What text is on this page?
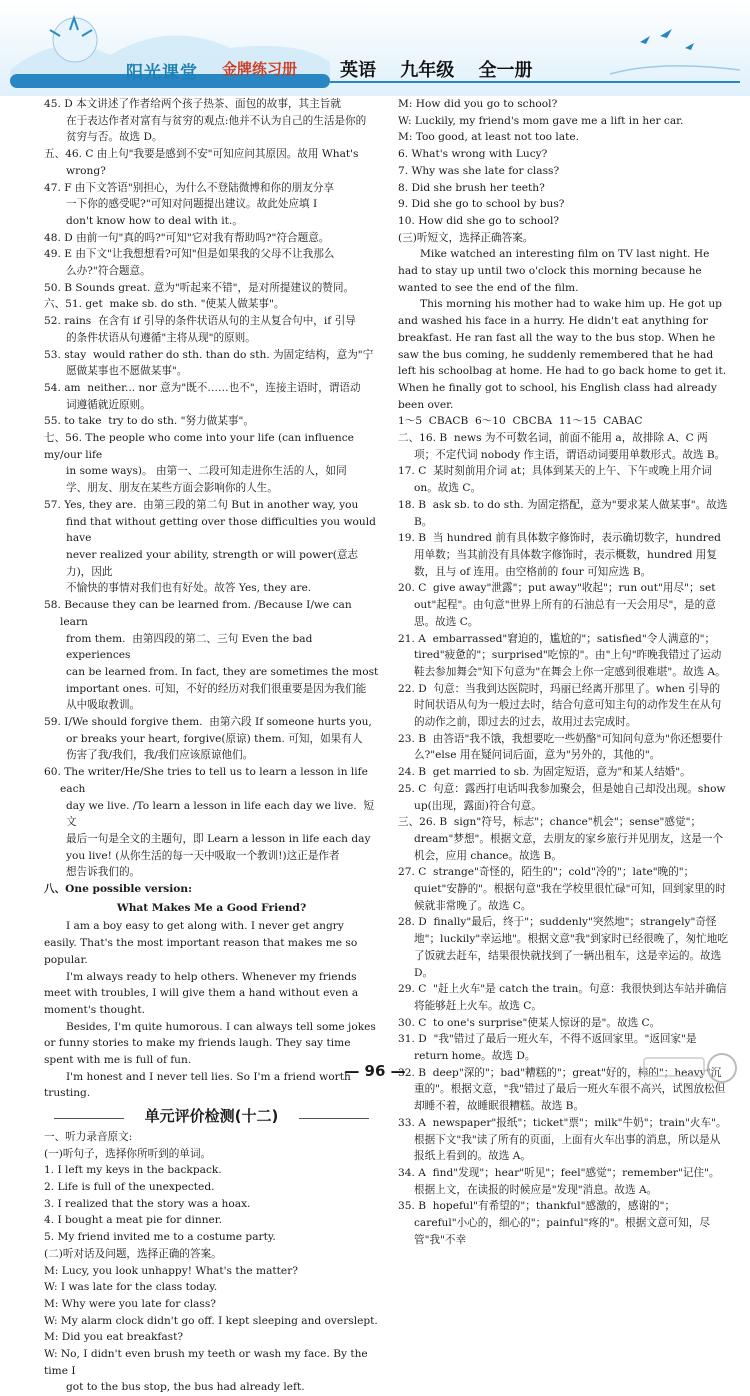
阳光课堂 金牌练习册 英语 九年级 全一册

45. D 本文讲述了作者给两个孩子热茶、面包的故事，其主旨就

在于表达作者对富有与贫穷的观点:他并不认为自己的生活是你的

贫穷与否。故选 D。

五、46. C 由上句"我要是感到不安"可知应问其原因。故用 What's

wrong?

47. F 由下文答语"别担心，为什么不登陆微博和你的朋友分享

一下你的感受呢?"可知对问题提出建议。故此处应填 I

don't know how to deal with it.。

48. D 由前一句"真的吗?"可知"它对我有帮助吗?"符合题意。

49. E 由下文"让我想想看?可知"但是如果我的父母不让我那么

么办?"符合题意。

50. B Sounds great. 意为"听起来不错"，是对所提建议的赞同。

六、51. get  make sb. do sth. "使某人做某事"。

52. rains  在含有 if 引导的条件状语从句的主从复合句中，if 引导

的条件状语从句遵循"主将从现"的原则。

53. stay  would rather do sth. than do sth. 为固定结构，意为"宁

愿做某事也不愿做某事"。

54. am  neither... nor 意为"既不……也不"，连接主语时，谓语动

词遵循就近原则。

55. to take  try to do sth. "努力做某事"。

七、56. The people who come into your life (can influence my/our life

in some ways)。 由第一、二段可知走进你生活的人，如同

学、朋友、朋友在某些方面会影响你的人生。

57. Yes, they are.  由第三段的第二句 But in another way, you

find that without getting over those difficulties you would have

never realized your ability, strength or will power(意志力)，因此

不愉快的事情对我们也有好处。故答 Yes, they are.

58. Because they can be learned from. /Because I/we can learn

from them.  由第四段的第二、三句 Even the bad experiences

can be learned from. In fact, they are sometimes the most

important ones. 可知，不好的经历对我们很重要是因为我们能

从中吸取教训。

59. I/We should forgive them.  由第六段 If someone hurts you,

or breaks your heart, forgive(原谅) them. 可知，如果有人

伤害了我/我们，我/我们应该原谅他们。

60. The writer/He/She tries to tell us to learn a lesson in life each

day we live. /To learn a lesson in life each day we live.  短文

最后一句是全文的主题句，即 Learn a lesson in life each day

you live! (从你生活的每一天中吸取一个教训!)这正是作者

想告诉我们的。

八、One possible version:

What Makes Me a Good Friend?

I am a boy easy to get along with. I never get angry easily. That's the most important reason that makes me so popular.

I'm always ready to help others. Whenever my friends meet with troubles, I will give them a hand without even a moment's thought.

Besides, I'm quite humorous. I can always tell some jokes or funny stories to make my friends laugh. They say time spent with me is full of fun.

I'm honest and I never tell lies. So I'm a friend worth trusting.

单元评价检测(十二)

一、听力录音原文:

(一)听句子，选择你所听到的单词。

1. I left my keys in the backpack.

2. Life is full of the unexpected.

3. I realized that the story was a hoax.

4. I bought a meat pie for dinner.

5. My friend invited me to a costume party.

(二)听对话及问题，选择正确的答案。

M: Lucy, you look unhappy! What's the matter?

W: I was late for the class today.

M: Why were you late for class?

W: My alarm clock didn't go off. I kept sleeping and overslept.

M: Did you eat breakfast?

W: No, I didn't even brush my teeth or wash my face. By the time I

got to the bus stop, the bus had already left.

M: How did you go to school?

W: Luckily, my friend's mom gave me a lift in her car.

M: Too good, at least not too late.

6. What's wrong with Lucy?

7. Why was she late for class?

8. Did she brush her teeth?

9. Did she go to school by bus?

10. How did she go to school?

(三)听短文，选择正确答案。

Mike watched an interesting film on TV last night. He had to stay up until two o'clock this morning because he wanted to see the end of the film.

This morning his mother had to wake him up. He got up and washed his face in a hurry. He didn't eat anything for breakfast. He ran fast all the way to the bus stop. When he saw the bus coming, he suddenly remembered that he had left his schoolbag at home. He had to go back home to get it. When he finally got to school, his English class had already been over.

1～5  CBACB  6～10  CBCBA  11～15  CABAC

二、16. B  news 为不可数名词，前面不能用 a，故排除 A、C 两项；不定代词 nobody 作主语，谓语动词要用单数形式。故选 B。

17. C  某时刻前用介词 at；具体到某天的上午、下午或晚上用介词 on。故选 C。

18. B  ask sb. to do sth. 为固定搭配，意为"要求某人做某事"。故选 B。

19. B  当 hundred 前有具体数字修饰时，表示确切数字，hundred 用单数；当其前没有具体数字修饰时，表示概数，hundred 用复数，且与 of 连用。由空格前的 four 可知应选 B。

20. C  give away"泄露"；put away"收起"；run out"用尽"；set out"起程"。由句意"世界上所有的石油总有一天会用尽"，是的意思。故选 C。

21. A  embarrassed"窘迫的，尴尬的"；satisfied"令人满意的"；tired"疲惫的"；surprised"吃惊的"。由"上句"昨晚我错过了运动鞋去参加舞会"知下句意为"在舞会上你一定感到很难堪"。故选 A。

22. D  句意：当我到达医院时，玛丽已经离开那里了。when 引导的时间状语从句为一般过去时，结合句意可知主句的动作发生在从句的动作之前，即过去的过去，故用过去完成时。

23. B  由答语"我不饿，我想要吃一些奶酪"可知问句意为"你还想要什么?"else 用在疑问词后面，意为"另外的，其他的"。

24. B  get married to sb. 为固定短语，意为"和某人结婚"。

25. C  句意：露西打电话叫我参加聚会，但是她自己却没出现。show up(出现，露面)符合句意。

三、26. B  sign"符号，标志"；chance"机会"；sense"感觉"；dream"梦想"。根据文意，去朋友的家乡旅行并见朋友，这是一个机会，应用 chance。故选 B。

27. C  strange"奇怪的，陌生的"；cold"冷的"；late"晚的"；quiet"安静的"。根据句意"我在学校里很忙碌"可知，回到家里的时候就非常晚了。故选 C。

28. D  finally"最后，终于"；suddenly"突然地"；strangely"奇怪地"；luckily"幸运地"。根据文意"我"到家时已经很晚了，匆忙地吃了饭就去赶车，结果很快就找到了一辆出租车，这是幸运的。故选 D。

29. C  "赶上火车"是 catch the train。句意：我很快到达车站并确信将能够赶上火车。故选 C。

30. C  to one's surprise"使某人惊讶的是"。故选 C。

31. D  "我"错过了最后一班火车，不得不返回家里。"返回家"是 return home。故选 D。

32. B  deep"深的"；bad"糟糕的"；great"好的，棒的"；heavy"沉重的"。根据文意，"我"错过了最后一班火车很不高兴，试图放松但却睡不着，故睡眠很糟糕。故选 B。

33. A  newspaper"报纸"；ticket"票"；milk"牛奶"；train"火车"。根据下文"我"读了所有的页面，上面有火车出事的消息，所以是从报纸上看到的。故选 A。

34. A  find"发现"；hear"听见"；feel"感觉"；remember"记住"。根据上文，在读报的时候应是"发现"消息。故选 A。

35. B  hopeful"有希望的"；thankful"感激的，感谢的"；careful"小心的，细心的"；painful"疼的"。根据文意可知，尽管"我"不幸

— 96 —
